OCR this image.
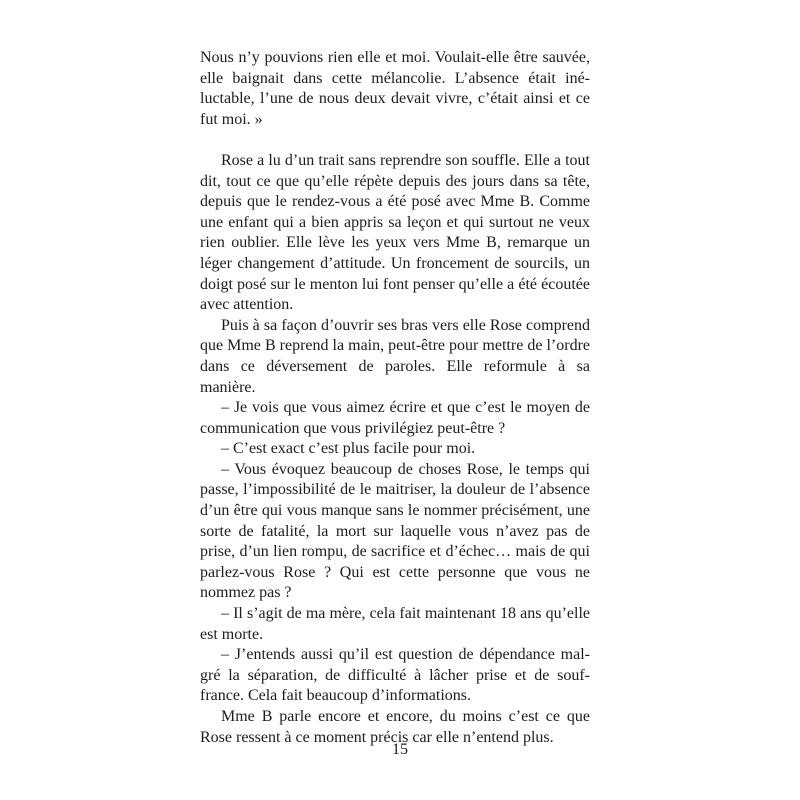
Nous n’y pouvions rien elle et moi. Voulait-elle être sauvée, elle baignait dans cette mélancolie. L’absence était inéluctable, l’une de nous deux devait vivre, c’était ainsi et ce fut moi. »

Rose a lu d’un trait sans reprendre son souffle. Elle a tout dit, tout ce que qu’elle répète depuis des jours dans sa tête, depuis que le rendez-vous a été posé avec Mme B. Comme une enfant qui a bien appris sa leçon et qui surtout ne veux rien oublier. Elle lève les yeux vers Mme B, remarque un léger changement d’attitude. Un froncement de sourcils, un doigt posé sur le menton lui font penser qu’elle a été écoutée avec attention.

Puis à sa façon d’ouvrir ses bras vers elle Rose comprend que Mme B reprend la main, peut-être pour mettre de l’ordre dans ce déversement de paroles. Elle reformule à sa manière.

– Je vois que vous aimez écrire et que c’est le moyen de communication que vous privilégiez peut-être ?

– C’est exact c’est plus facile pour moi.

– Vous évoquez beaucoup de choses Rose, le temps qui passe, l’impossibilité de le maitriser, la douleur de l’absence d’un être qui vous manque sans le nommer précisément, une sorte de fatalité, la mort sur laquelle vous n’avez pas de prise, d’un lien rompu, de sacrifice et d’échec… mais de qui parlez-vous Rose ? Qui est cette personne que vous ne nommez pas ?

– Il s’agit de ma mère, cela fait maintenant 18 ans qu’elle est morte.

– J’entends aussi qu’il est question de dépendance malgré la séparation, de difficulté à lâcher prise et de souffrance. Cela fait beaucoup d’informations.

Mme B parle encore et encore, du moins c’est ce que Rose ressent à ce moment précis car elle n’entend plus.

15
